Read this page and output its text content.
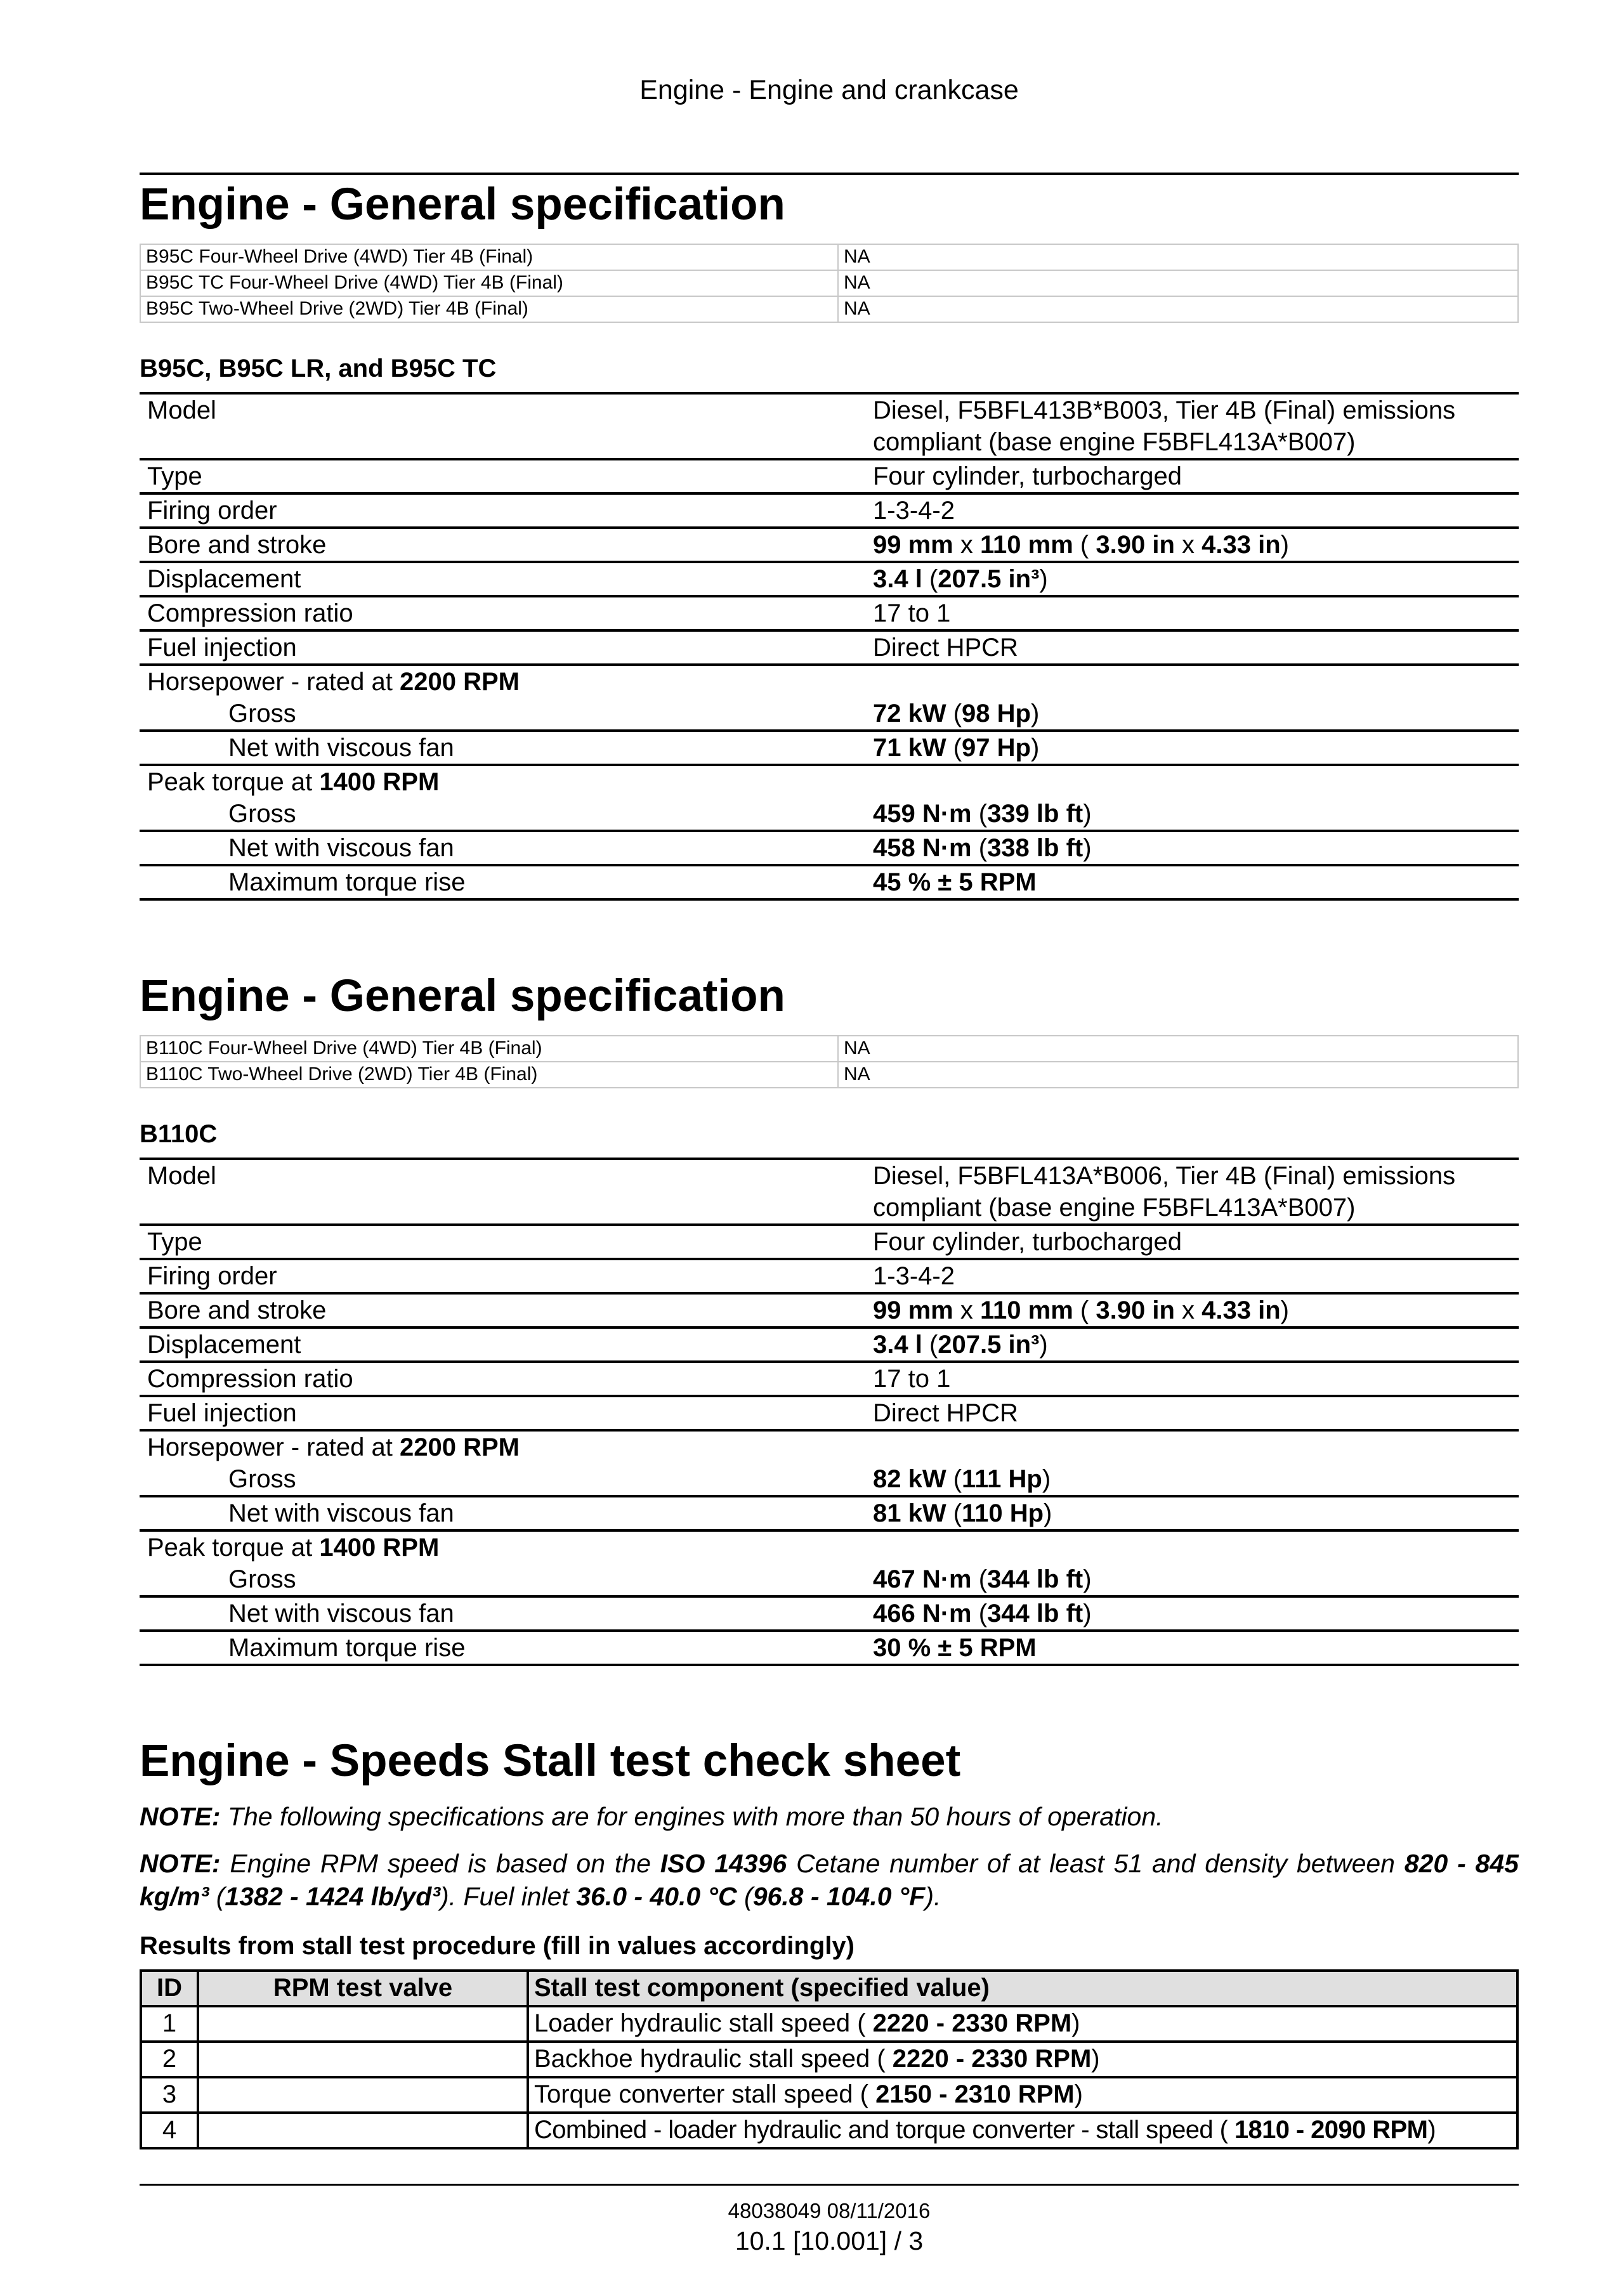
Engine - Engine and crankcase
Engine - General specification
B95C Four-Wheel Drive (4WD) Tier 4B (Final)	NA
B95C TC Four-Wheel Drive (4WD) Tier 4B (Final)	NA
B95C Two-Wheel Drive (2WD) Tier 4B (Final)	NA
B95C, B95C LR, and B95C TC
Model	Diesel, F5BFL413B*B003, Tier 4B (Final) emissions
compliant (base engine F5BFL413A*B007)
Type	Four cylinder, turbocharged
Firing order	1-3-4-2
Bore and stroke	99 mm x 110 mm ( 3.90 in x 4.33 in)
Displacement	3.4 l (207.5 in³)
Compression ratio	17 to 1
Fuel injection	Direct HPCR
Horsepower - rated at 2200 RPM
Gross	72 kW (98 Hp)
Net with viscous fan	71 kW (97 Hp)
Peak torque at 1400 RPM
Gross	459 N·m (339 lb ft)
Net with viscous fan	458 N·m (338 lb ft)
Maximum torque rise	45 % ± 5 RPM
Engine - General specification
B110C Four-Wheel Drive (4WD) Tier 4B (Final)	NA
B110C Two-Wheel Drive (2WD) Tier 4B (Final)	NA
B110C
Model	Diesel, F5BFL413A*B006, Tier 4B (Final) emissions
compliant (base engine F5BFL413A*B007)
Type	Four cylinder, turbocharged
Firing order	1-3-4-2
Bore and stroke	99 mm x 110 mm ( 3.90 in x 4.33 in)
Displacement	3.4 l (207.5 in³)
Compression ratio	17 to 1
Fuel injection	Direct HPCR
Horsepower - rated at 2200 RPM
Gross	82 kW (111 Hp)
Net with viscous fan	81 kW (110 Hp)
Peak torque at 1400 RPM
Gross	467 N·m (344 lb ft)
Net with viscous fan	466 N·m (344 lb ft)
Maximum torque rise	30 % ± 5 RPM
Engine - Speeds Stall test check sheet

NOTE: The following specifications are for engines with more than 50 hours of operation.

NOTE: Engine RPM speed is based on the ISO 14396 Cetane number of at least 51 and density between 820 - 845 kg/m³ (1382 - 1424 lb/yd³). Fuel inlet 36.0 - 40.0 °C (96.8 - 104.0 °F).

Results from stall test procedure (fill in values accordingly)
ID	RPM test valve	Stall test component (specified value)
1		Loader hydraulic stall speed ( 2220 - 2330 RPM)
2		Backhoe hydraulic stall speed ( 2220 - 2330 RPM)
3		Torque converter stall speed ( 2150 - 2310 RPM)
4		Combined - loader hydraulic and torque converter - stall speed ( 1810 - 2090 RPM)
48038049 08/11/2016
10.1 [10.001] / 3
